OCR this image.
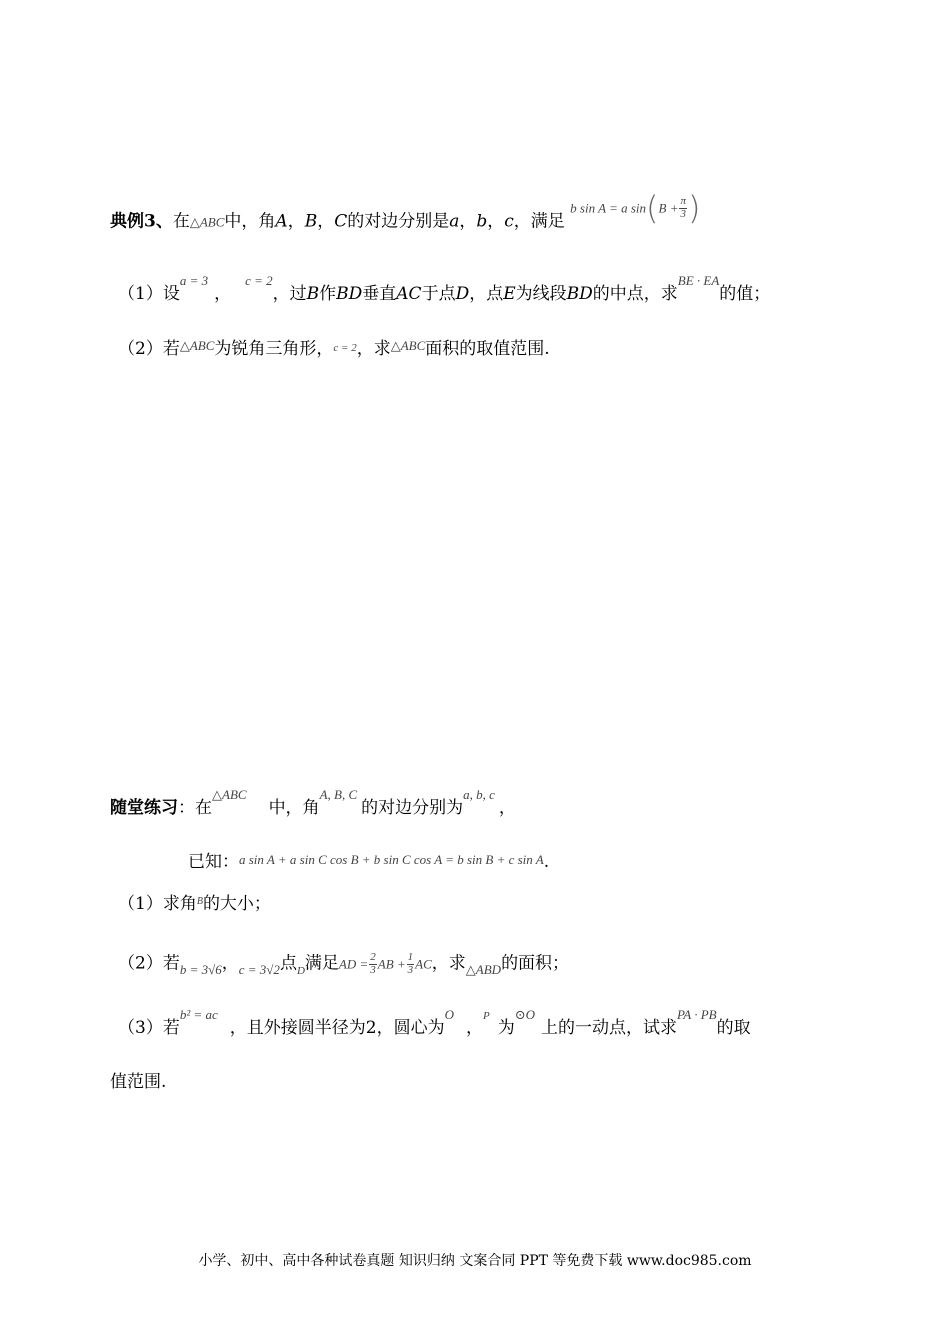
典例3、在△ABC中，角A，B，C的对边分别是a，b，c，满足 b sin A = a $\sin(B + \frac{\pi}{3}$ )
（1）设$^{a = 3}$，$^{c = 2}$，过B作BD垂直AC于点D，点E为线段BD的中点，求$^{BE \cdot EA}$的值；
（2）若$^{\triangle ABC}$为锐角三角形，c = 2，求$^{\triangle ABC}$面积的取值范围.
随堂练习：在$^{\triangle ABC}$中，角$^{A, B, C}$的对边分别为$^{a, b, c}$，
已知：a sin A + a sin C cos B + b sin C cos A = b sin B + c sin A.
（1）求角$^B$的大小；
（2）若$_{b = 3√6}$，$_{c = 3√2}$点$_D$满足AD = $\frac{2}{3}$ AB + $\frac{1}{3}$ AC，求$_{\triangle ABD}$的面积；
（3）若$^{b^2 = ac}$，且外接圆半径为2，圆心为$^O$，$^P$为$^{⊙O}$上的一动点，试求$^{PA \cdot PB}$的取
值范围.
小学、初中、高中各种试卷真题 知识归纳 文案合同 PPT 等免费下载 www.doc985.com
